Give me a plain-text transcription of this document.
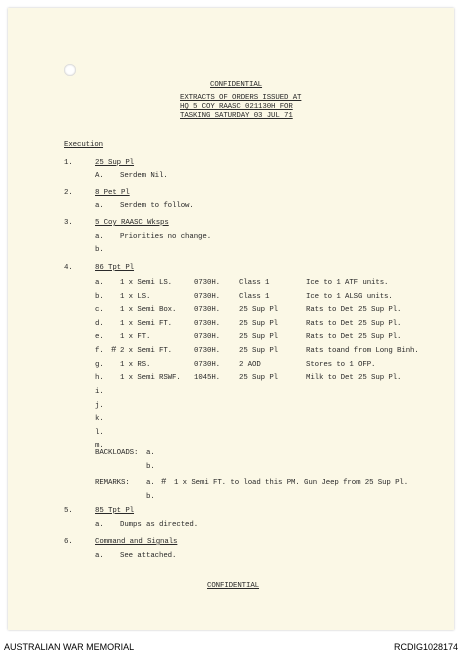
CONFIDENTIAL
EXTRACTS OF ORDERS ISSUED AT
HQ 5 COY RAASC 021130H FOR
TASKING SATURDAY 03 JUL 71
Execution
1.	25 Sup Pl
A. Serdem Nil.
2.	8 Pet Pl
a. Serdem to follow.
3.	5 Coy RAASC Wksps
a. Priorities no change.
b.
4.	86 Tpt Pl
a. 1 x Semi LS.	0730H.	Class 1	Ice to 1 ATF units.
b. 1 x LS.	0730H.	Class 1	Ice to 1 ALSG units.
c. 1 x Semi Box. 0730H.	25 Sup Pl	Rats to Det 25 Sup Pl.
d. 1 x Semi FT.	0730H.	25 Sup Pl	Rats to Det 25 Sup Pl.
e. 1 x FT.	0730H.	25 Sup Pl	Rats to Det 25 Sup Pl.
f. # 2 x Semi FT.	0730H.	25 Sup Pl	Rats toand from Long Binh.
g. 1 x RS.	0730H.	2 AOD	Stores to 1 OFP.
h. 1 x Semi RSWF. 1045H.	25 Sup Pl	Milk to Det 25 Sup Pl.
i.
j.
k.
l.
m.
BACKLOADS: a.
b.
REMARKS: a. # 1 x Semi FT. to load this PM. Gun Jeep from 25 Sup Pl.
b.
5.	85 Tpt Pl
a. Dumps as directed.
6.	Command and Signals
a. See attached.
CONFIDENTIAL
AUSTRALIAN WAR MEMORIAL	RCDIG1028174
